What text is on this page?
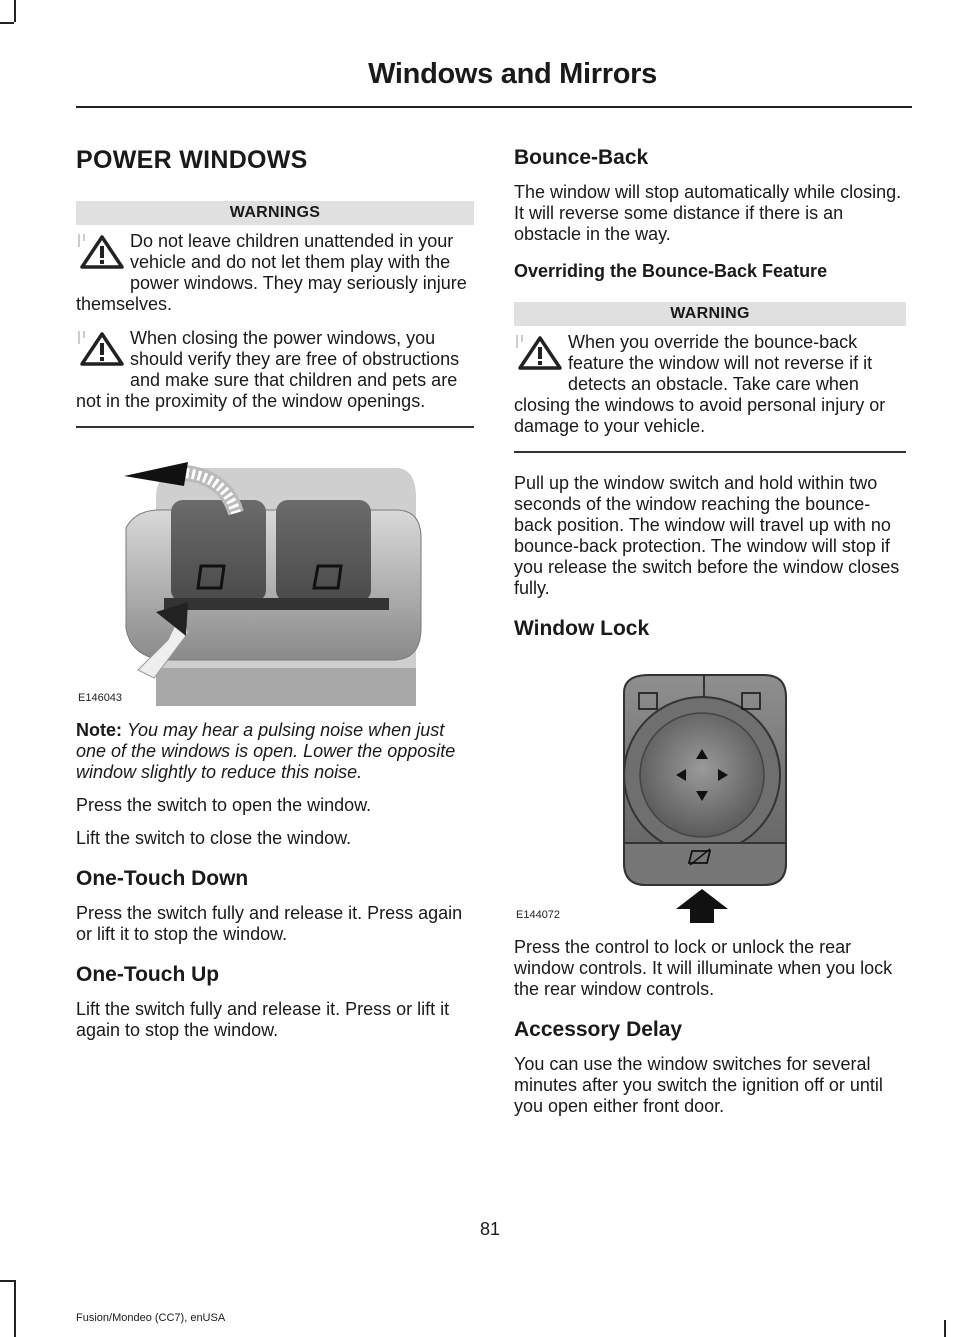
Windows and Mirrors
POWER WINDOWS
WARNINGS
Do not leave children unattended in your vehicle and do not let them play with the power windows. They may seriously injure themselves.
When closing the power windows, you should verify they are free of obstructions and make sure that children and pets are not in the proximity of the window openings.
E146043

Note: You may hear a pulsing noise when just one of the windows is open. Lower the opposite window slightly to reduce this noise.

Press the switch to open the window.

Lift the switch to close the window.

One-Touch Down

Press the switch fully and release it. Press again or lift it to stop the window.

One-Touch Up

Lift the switch fully and release it. Press or lift it again to stop the window.

Bounce-Back

The window will stop automatically while closing. It will reverse some distance if there is an obstacle in the way.

Overriding the Bounce-Back Feature
WARNING
When you override the bounce-back feature the window will not reverse if it detects an obstacle. Take care when closing the windows to avoid personal injury or damage to your vehicle.

Pull up the window switch and hold within two seconds of the window reaching the bounce-back position. The window will travel up with no bounce-back protection. The window will stop if you release the switch before the window closes fully.

Window Lock
E144072

Press the control to lock or unlock the rear window controls. It will illuminate when you lock the rear window controls.

Accessory Delay

You can use the window switches for several minutes after you switch the ignition off or until you open either front door.

81
Fusion/Mondeo (CC7), enUSA
